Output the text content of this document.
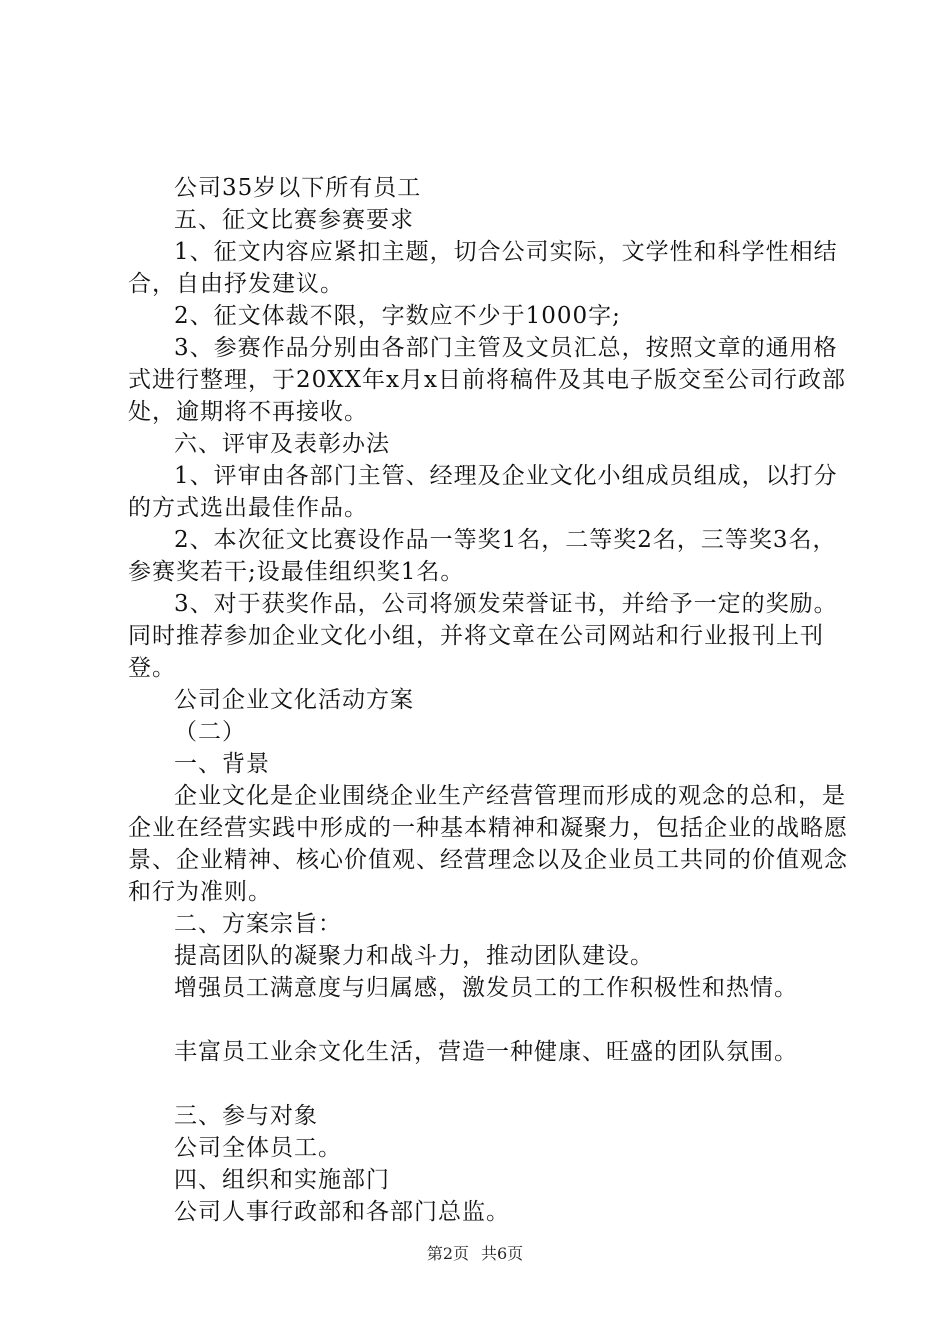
公司35岁以下所有员工

五、征文比赛参赛要求

1、征文内容应紧扣主题，切合公司实际，文学性和科学性相结合，自由抒发建议。

2、征文体裁不限，字数应不少于1000字;

3、参赛作品分别由各部门主管及文员汇总，按照文章的通用格式进行整理，于20XX年x月x日前将稿件及其电子版交至公司行政部处，逾期将不再接收。

六、评审及表彰办法

1、评审由各部门主管、经理及企业文化小组成员组成，以打分的方式选出最佳作品。

2、本次征文比赛设作品一等奖1名，二等奖2名，三等奖3名，参赛奖若干;设最佳组织奖1名。

3、对于获奖作品，公司将颁发荣誉证书，并给予一定的奖励。同时推荐参加企业文化小组，并将文章在公司网站和行业报刊上刊登。

公司企业文化活动方案

（二）

一、背景

企业文化是企业围绕企业生产经营管理而形成的观念的总和，是企业在经营实践中形成的一种基本精神和凝聚力，包括企业的战略愿景、企业精神、核心价值观、经营理念以及企业员工共同的价值观念和行为准则。

二、方案宗旨：

提高团队的凝聚力和战斗力，推动团队建设。

增强员工满意度与归属感，激发员工的工作积极性和热情。

丰富员工业余文化生活，营造一种健康、旺盛的团队氛围。

三、参与对象

公司全体员工。

四、组织和实施部门

公司人事行政部和各部门总监。

第2页 共6页
